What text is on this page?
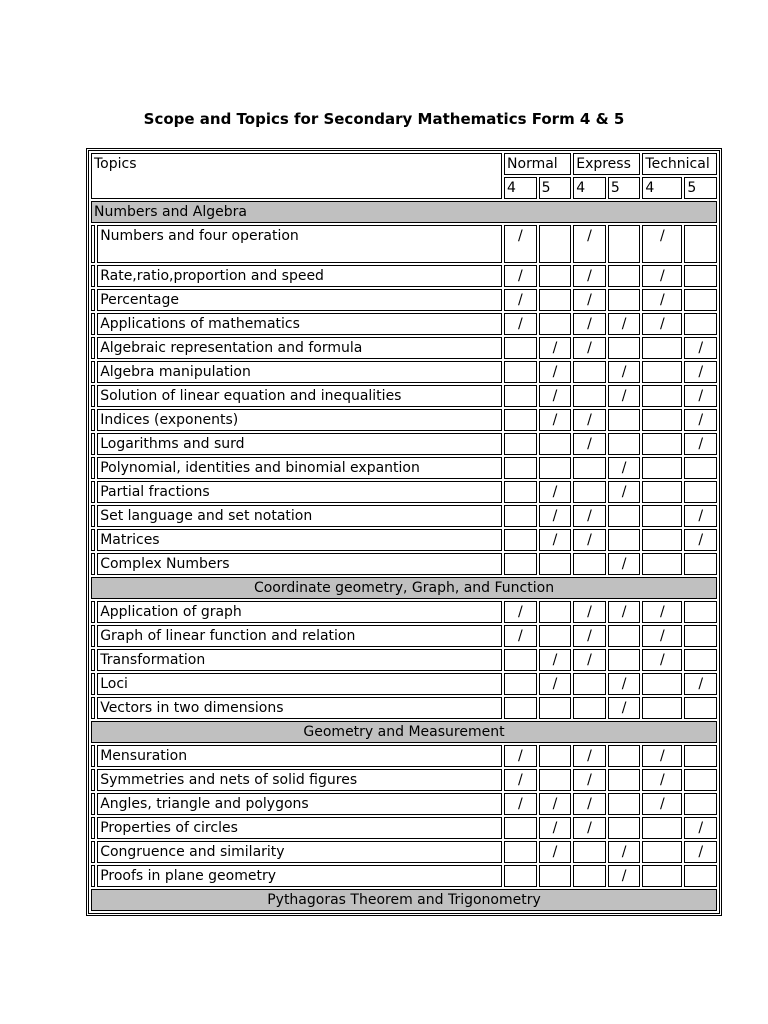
Scope and Topics for Secondary Mathematics Form 4 & 5
Topics		Normal		Express		Technical	
		4	5	4	5	4	5
Numbers and Algebra							
	Numbers and four operation	/		/		/	
	Rate,ratio,proportion and speed	/		/		/	
	Percentage	/		/		/	
	Applications of mathematics	/		/	/	/	
	Algebraic representation and formula		/	/			/
	Algebra manipulation		/		/		/
	Solution of linear equation and inequalities		/		/		/
	Indices (exponents)		/	/			/
	Logarithms and surd			/			/
	Polynomial, identities and binomial expantion				/		
	Partial fractions		/		/		
	Set language and set notation		/	/			/
	Matrices		/	/			/
	Complex Numbers				/		
Coordinate geometry, Graph, and Function							
	Application of graph	/		/	/	/	
	Graph of linear function and relation	/		/		/	
	Transformation		/	/		/	
	Loci		/		/		/
	Vectors in two dimensions				/		
Geometry and Measurement							
	Mensuration	/		/		/	
	Symmetries and nets of solid figures	/		/		/	
	Angles, triangle and polygons	/	/	/		/	
	Properties of circles		/	/			/
	Congruence and similarity		/		/		/
	Proofs in plane geometry				/		
Pythagoras Theorem and Trigonometry							
